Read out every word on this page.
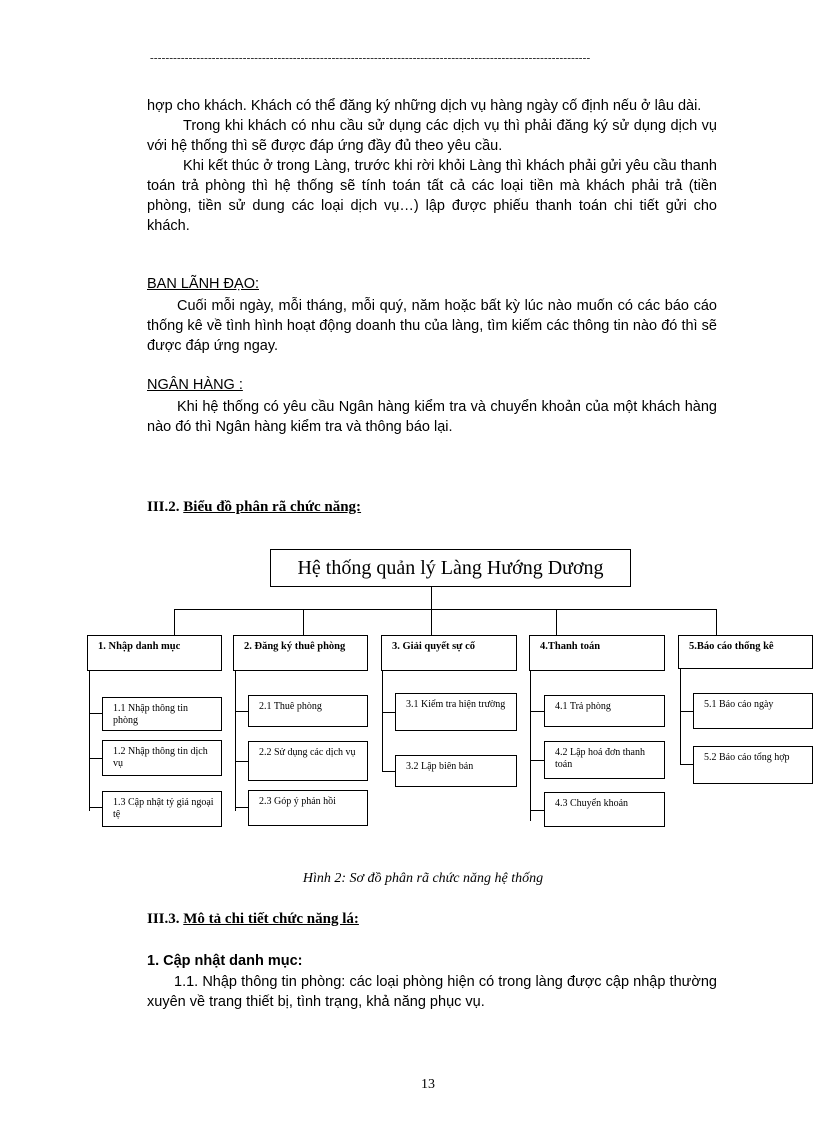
------------------------------------------------------------------------------------------------------------------

hợp cho khách. Khách có thể đăng ký những dịch vụ hàng ngày cố định nếu ở lâu dài.

Trong khi khách có nhu cầu sử dụng các dịch vụ thì phải đăng ký sử dụng dịch vụ với hệ thống thì sẽ được đáp ứng đầy đủ theo yêu cầu.

Khi kết thúc ở trong Làng, trước khi rời khỏi Làng thì khách phải gửi yêu cầu thanh toán trả phòng thì hệ thống sẽ tính toán tất cả các loại tiền mà khách phải trả (tiền phòng, tiền sử dung các loại dịch vụ…) lập được phiếu thanh toán chi tiết gửi cho khách.

BAN LÃNH ĐẠO:

Cuối mỗi ngày, mỗi tháng, mỗi quý, năm hoặc bất kỳ lúc nào muốn có các báo cáo thống kê về tình hình hoạt động doanh thu của làng, tìm kiếm các thông tin nào đó thì sẽ được đáp ứng ngay.

NGÂN HÀNG :

Khi hệ thống có yêu cầu Ngân hàng kiểm tra và chuyển khoản của một khách hàng nào đó thì Ngân hàng kiểm tra và thông báo lại.

III.2. Biểu đồ phân rã chức năng:
Hệ thống quản lý Làng Hướng Dương
1. Nhập danh mục	2. Đăng ký thuê phòng	3. Giải quyết sự cố	4.Thanh toán	5.Báo cáo thống kê
1.1 Nhập thông tin phòng
1.2 Nhập thông tin dịch vụ
1.3 Cập nhật tỷ giá ngoại tệ
2.1 Thuê phòng
2.2 Sử dụng các dịch vụ
2.3 Góp ý phản hồi
3.1 Kiểm tra hiện trường
3.2 Lập biên bản
4.1 Trả phòng
4.2 Lập hoá đơn thanh toán
4.3 Chuyển khoản
5.1 Báo cáo ngày
5.2 Báo cáo tổng hợp
Hình 2: Sơ đồ phân rã chức năng hệ thống
III.3. Mô tả chi tiết chức năng lá:
1. Cập nhật danh mục:

1.1. Nhập thông tin phòng: các loại phòng hiện có trong làng được cập nhập thường xuyên về trang thiết bị, tình trạng, khả năng phục vụ.

13
